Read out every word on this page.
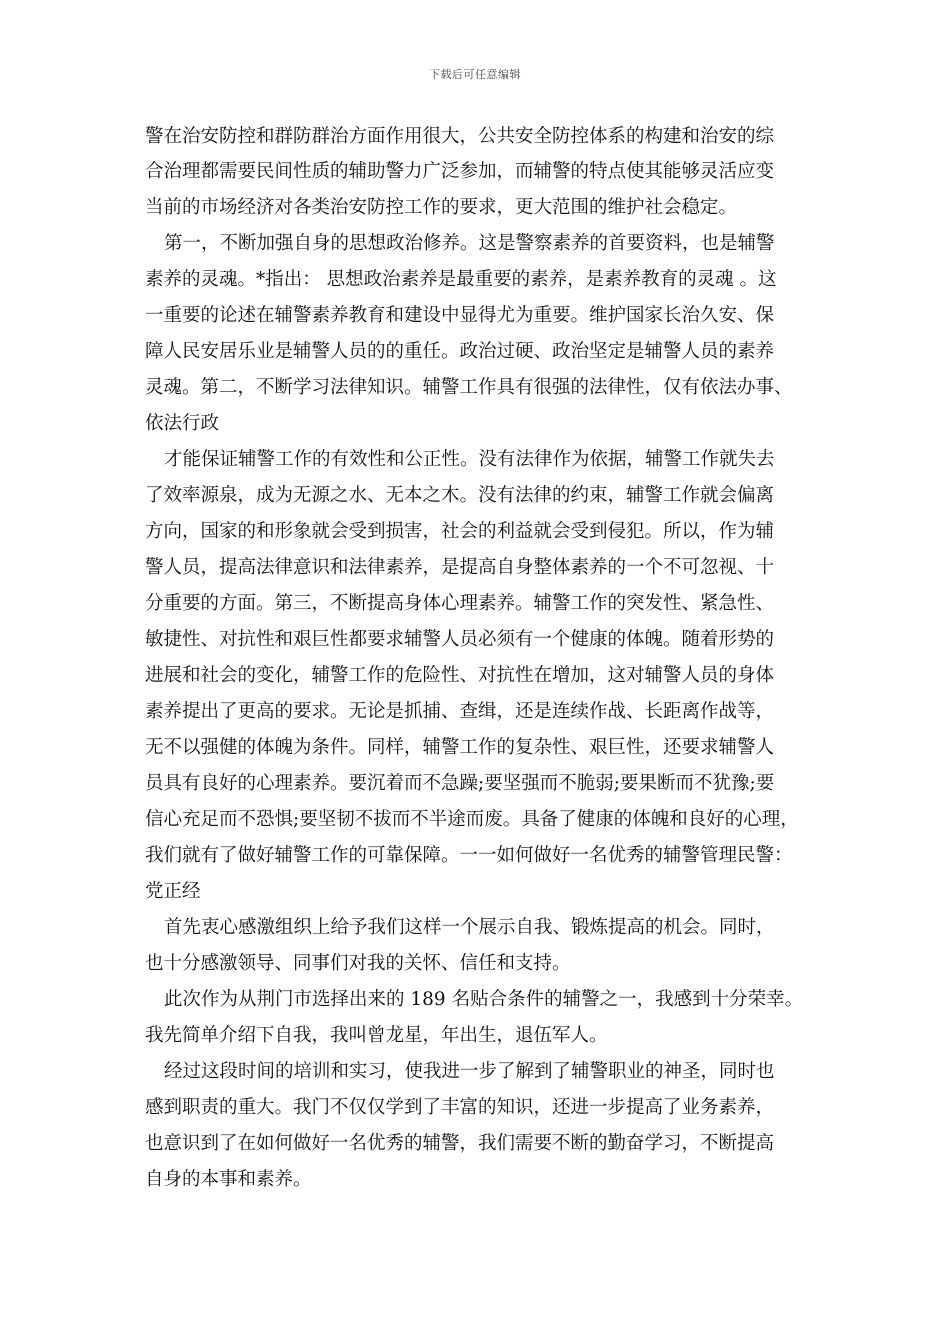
下载后可任意编辑
警在治安防控和群防群治方面作用很大，公共安全防控体系的构建和治安的综
合治理都需要民间性质的辅助警力广泛参加，而辅警的特点使其能够灵活应变
当前的市场经济对各类治安防控工作的要求，更大范围的维护社会稳定。
第一，不断加强自身的思想政治修养。这是警察素养的首要资料，也是辅警
素养的灵魂。*指出： 思想政治素养是最重要的素养，是素养教育的灵魂 。这
一重要的论述在辅警素养教育和建设中显得尤为重要。维护国家长治久安、保
障人民安居乐业是辅警人员的的重任。政治过硬、政治坚定是辅警人员的素养
灵魂。第二，不断学习法律知识。辅警工作具有很强的法律性，仅有依法办事、
依法行政
才能保证辅警工作的有效性和公正性。没有法律作为依据，辅警工作就失去
了效率源泉，成为无源之水、无本之木。没有法律的约束，辅警工作就会偏离
方向，国家的和形象就会受到损害，社会的利益就会受到侵犯。所以，作为辅
警人员，提高法律意识和法律素养，是提高自身整体素养的一个不可忽视、十
分重要的方面。第三，不断提高身体心理素养。辅警工作的突发性、紧急性、
敏捷性、对抗性和艰巨性都要求辅警人员必须有一个健康的体魄。随着形势的
进展和社会的变化，辅警工作的危险性、对抗性在增加，这对辅警人员的身体
素养提出了更高的要求。无论是抓捕、查缉，还是连续作战、长距离作战等，
无不以强健的体魄为条件。同样，辅警工作的复杂性、艰巨性，还要求辅警人
员具有良好的心理素养。要沉着而不急躁;要坚强而不脆弱;要果断而不犹豫;要
信心充足而不恐惧;要坚韧不拔而不半途而废。具备了健康的体魄和良好的心理，
我们就有了做好辅警工作的可靠保障。一一如何做好一名优秀的辅警管理民警：
党正经
首先衷心感激组织上给予我们这样一个展示自我、锻炼提高的机会。同时，
也十分感激领导、同事们对我的关怀、信任和支持。
此次作为从荆门市选择出来的 189 名贴合条件的辅警之一，我感到十分荣幸。
我先简单介绍下自我，我叫曾龙星，年出生，退伍军人。
经过这段时间的培训和实习，使我进一步了解到了辅警职业的神圣，同时也
感到职责的重大。我门不仅仅学到了丰富的知识，还进一步提高了业务素养，
也意识到了在如何做好一名优秀的辅警，我们需要不断的勤奋学习，不断提高
自身的本事和素养。
